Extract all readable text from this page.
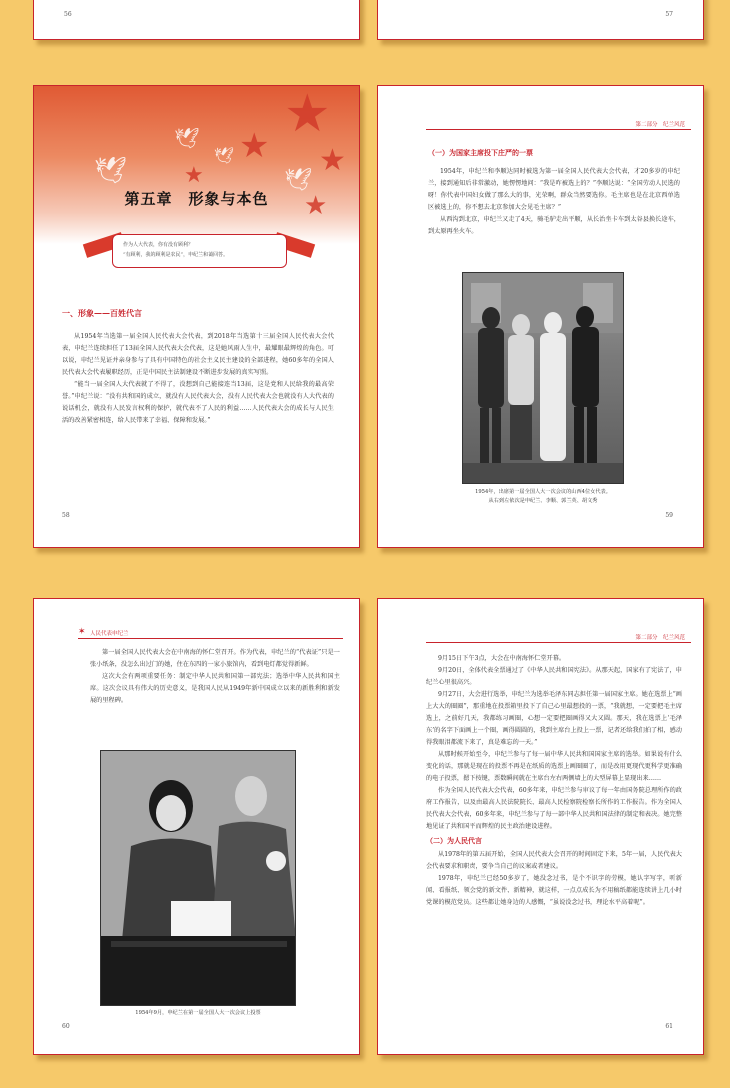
56	57
★
★
★
★
★
🕊
🕊
🕊
🕊
第五章　形象与本色
作为人大代表，你有没有顾利？
“有顾利，我的顾利是农民”，申纪兰和蔼回答。
一、形象——百姓代言

从1954年当选第一届全国人民代表大会代表，到2018年当选第十三届全国人民代表大会代表，申纪兰连续担任了13届全国人民代表大会代表，这是她风雨人生中，最耀眼最辉煌的角色。可以说，申纪兰见证并亲身参与了具有中国特色的社会主义民主建设的全部进程，她60多年的全国人民代表大会代表履职经历，正是中国民主法制建设不断进步发展的真实写照。

“能当一届全国人大代表就了不得了，没想到自己能接连当13届，这是党和人民给我的最高荣誉。”申纪兰说：“没有共和国的成立，就没有人民代表大会，没有人民代表大会也就没有人大代表的说话机会，就没有人民发言权利的保护，就代表不了人民的利益……人民代表大会的成长与人民生活的改善紧密相连，给人民带来了幸福、保障和发展。”

58
第二部分　纪兰风范
（一）为国家主席投下庄严的一票

1954年，申纪兰和李顺达同时被选为第一届全国人民代表大会代表，才20多岁的申纪兰，接到通知后非常激动，她愣愣地问：“我是咋被选上的？”李顺达说：“全国劳动人民选的呀！你代表中国妇女做了那么大的事，光荣啊，群众当然要选你。毛主席也是在北京西单选区被选上的，你不想去北京参加大会见毛主席？”

从西沟到北京，申纪兰又走了4天，骑毛驴走出平顺，从长治坐卡车到太谷县换长途车，到太原再坐火车。

1954年，出席第一届全国人大一次会议的山西4位女代表。
从右到左依次是申纪兰、李顺、郭兰英、胡文秀
59
✶ 人民代表申纪兰

第一届全国人民代表大会在中南海的怀仁堂召开。作为代表，申纪兰的“代表证”只是一张小纸条，没怎么出过门的她，住在东四的一家小旅馆内，看到电灯都觉得新鲜。

这次大会有两项重要任务：制定中华人民共和国第一部宪法；选举中华人民共和国主席。这次会议具有伟大的历史意义，是我国人民从1949年新中国成立以来的新胜利和新发展的里程碑。

1954年9月，申纪兰在第一届全国人大一次会议上投票
60
第二部分　纪兰风范

9月15日下午3点，大会在中南海怀仁堂开幕。

9月20日，全体代表全票通过了《中华人民共和国宪法》。从那天起，国家有了宪法了，申纪兰心里很高兴。

9月27日，大会进行选举，申纪兰为选举毛泽东同志担任第一届国家主席。她在选票上“画上大大的圈圈”，那重地在投票箱里投下了自己心里最想投的一票，“我就想，一定要把毛主席选上，之前好几天，我都练习画圈，心想一定要把圈画得又大又圆。那天，我在选票上‘毛泽东’的名字下面画上一个圈，画得圆圆的，我到主席台上投上一票，记者还给我们拍了相，感动得我眼泪都流下来了，真是难忘的一天。”

从那时候开始至今，申纪兰参与了每一届中华人民共和国国家主席的选举。如果说有什么变化的话，那就是现在的投票不再是在纸质的选票上画圈圈了，而是改用更现代更科学更准确的电子投票，摁下按键，票数瞬间就在主席台左右两侧墙上的大型屏幕上显现出来……

作为全国人民代表大会代表，60多年来，申纪兰参与审议了每一年由国务院总理所作的政府工作报告，以及由最高人民法院院长、最高人民检察院检察长所作的工作报告。作为全国人民代表大会代表，60多年来，申纪兰参与了每一部中华人民共和国法律的制定和表决。她完整地见证了共和国平而辉煌的民主政治建设进程。

（二）为人民代言

从1978年的第五届开始，全国人民代表大会召开的时间固定下来，5年一届，人民代表大会代表要求和职责，要争当自己的议案或者建议。

1978年，申纪兰已经50多岁了，她没念过书，是个不识字的劳模，她认字写字，听新闻、看报纸、领会党的新文件、新精神，就这样，一点点成长为不用稿纸都能连续讲上几小时党课的模范党员。这些都让她身边的人感慨，“虽说没念过书，理论水平高着呢”。

61
